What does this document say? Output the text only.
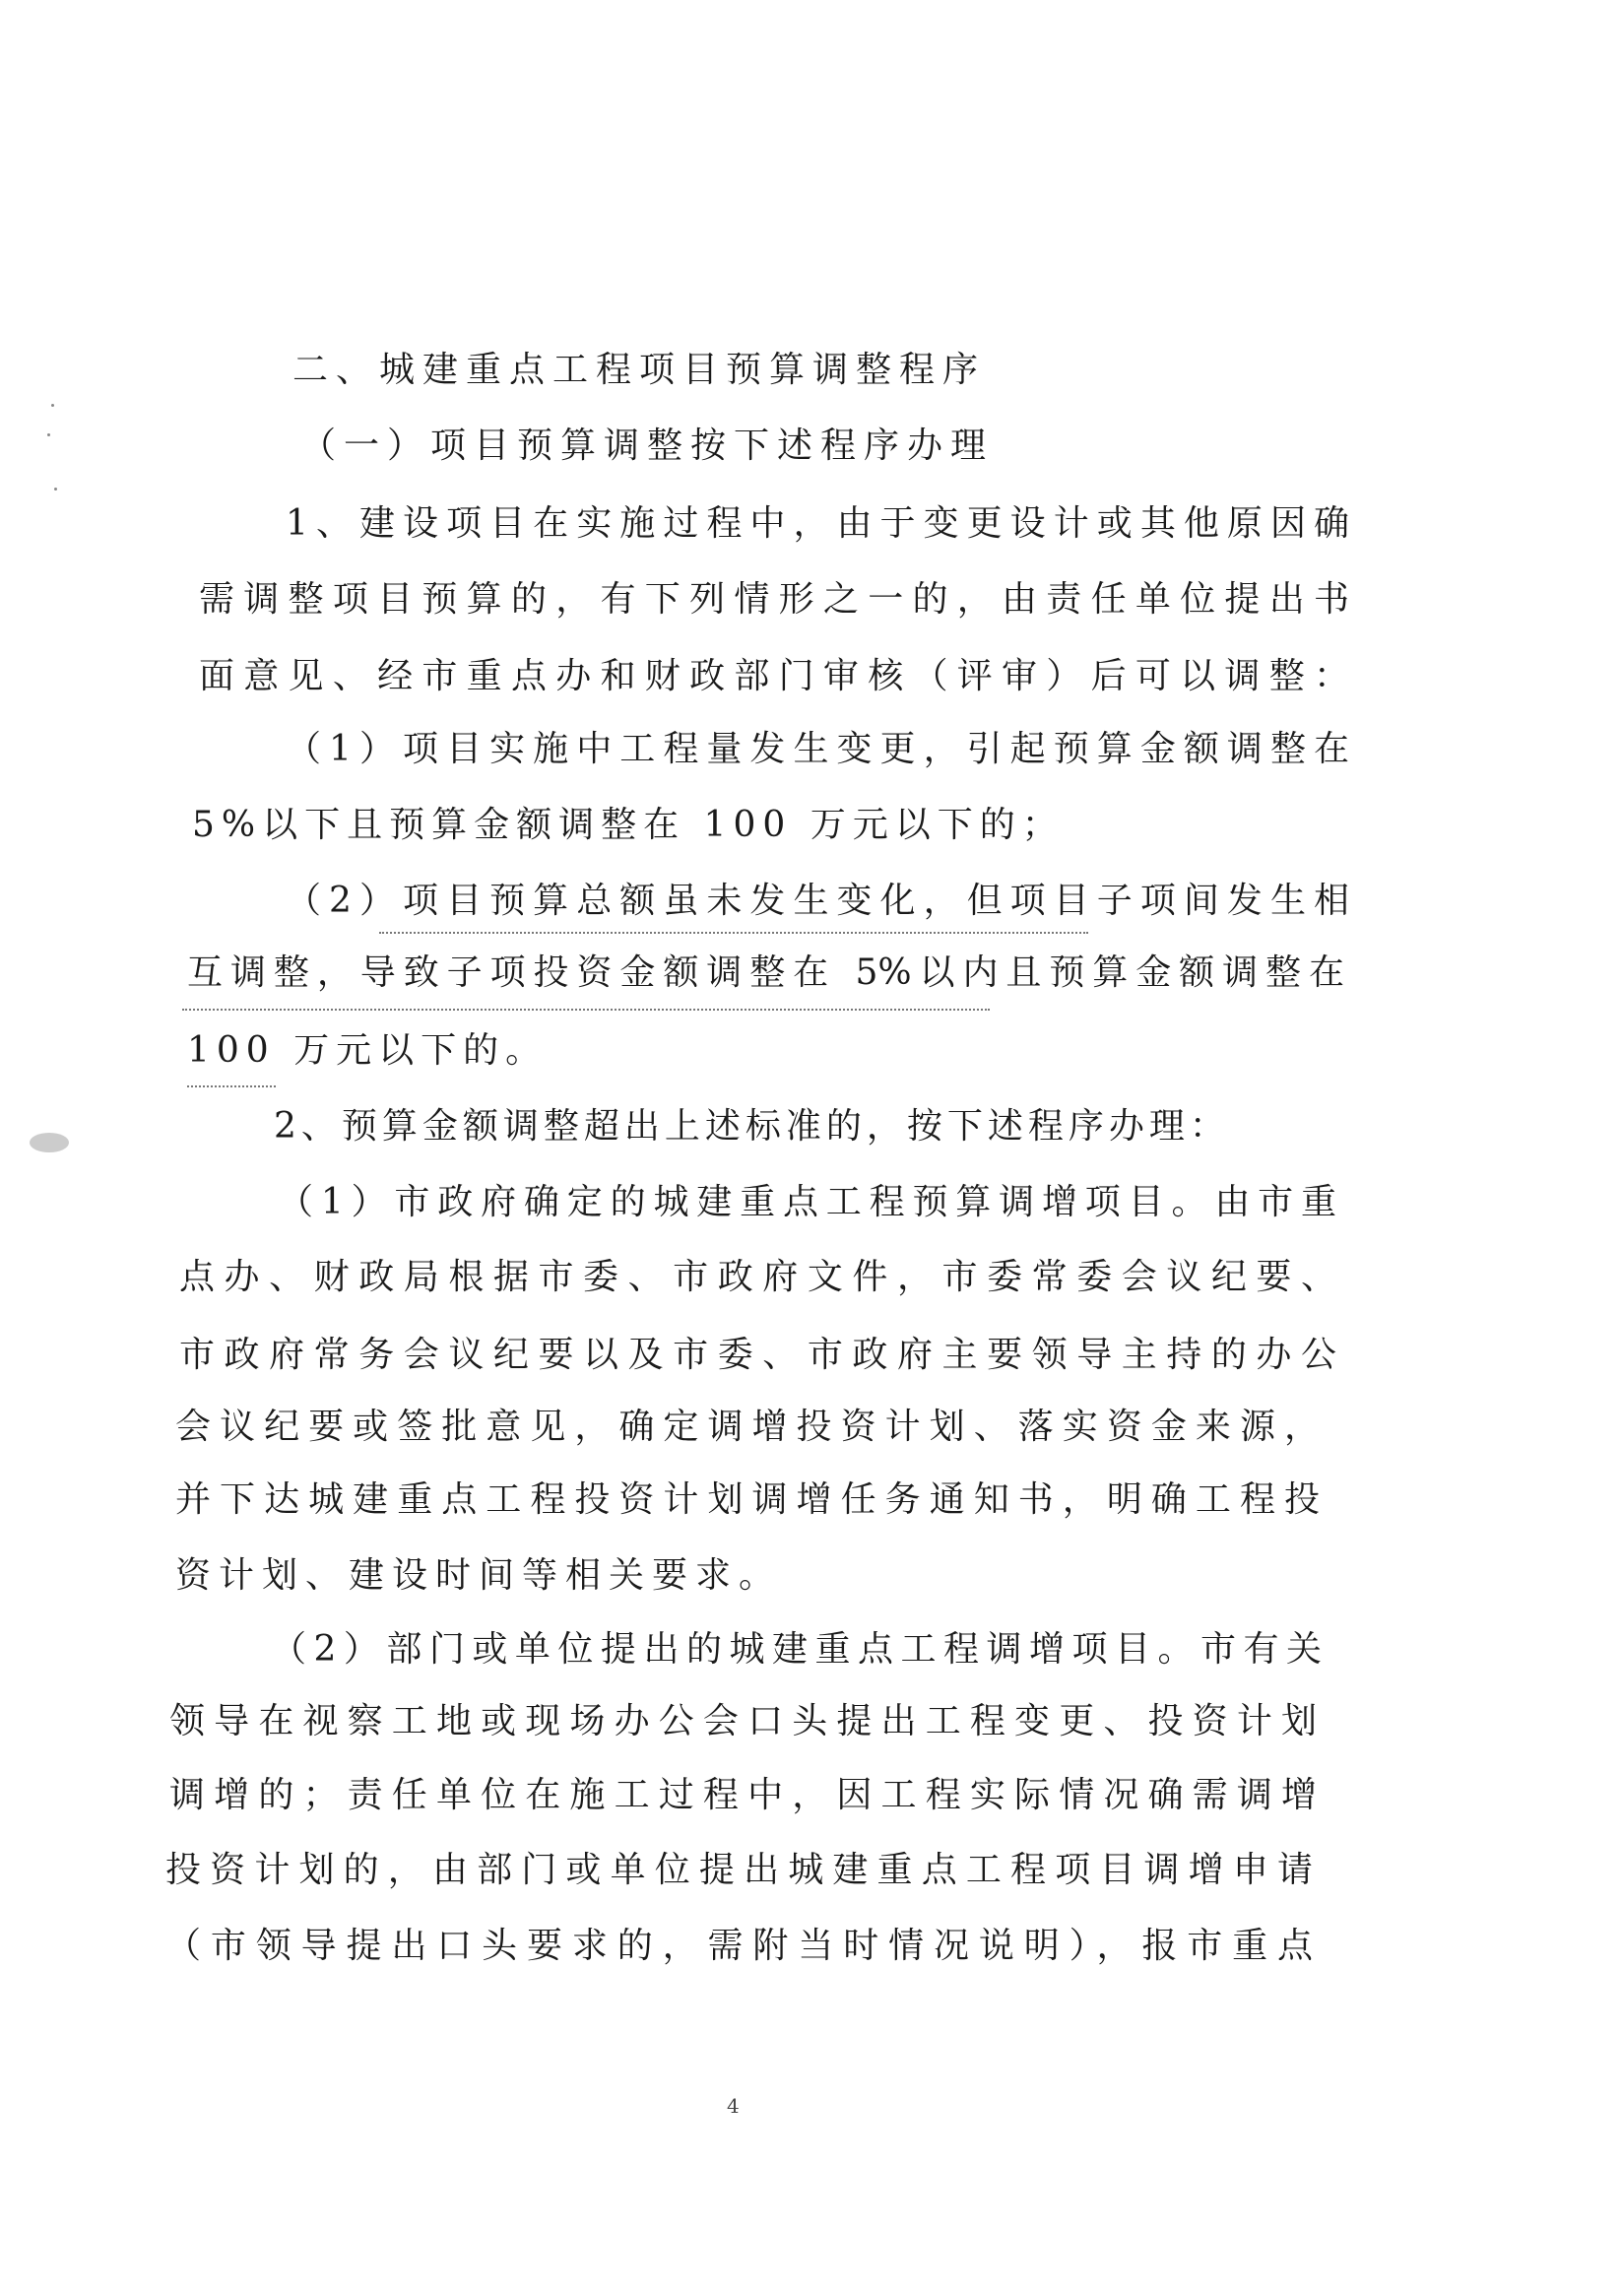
二、城建重点工程项目预算调整程序
（一）项目预算调整按下述程序办理
1、建设项目在实施过程中，由于变更设计或其他原因确
需调整项目预算的，有下列情形之一的，由责任单位提出书
面意见、经市重点办和财政部门审核（评审）后可以调整：
（1）项目实施中工程量发生变更，引起预算金额调整在
5%以下且预算金额调整在 100 万元以下的；
（2）项目预算总额虽未发生变化，但项目子项间发生相
互调整，导致子项投资金额调整在 5%以内且预算金额调整在
100 万元以下的。
2、预算金额调整超出上述标准的，按下述程序办理：
（1）市政府确定的城建重点工程预算调增项目。由市重
点办、财政局根据市委、市政府文件，市委常委会议纪要、
市政府常务会议纪要以及市委、市政府主要领导主持的办公
会议纪要或签批意见，确定调增投资计划、落实资金来源，
并下达城建重点工程投资计划调增任务通知书，明确工程投
资计划、建设时间等相关要求。
（2）部门或单位提出的城建重点工程调增项目。市有关
领导在视察工地或现场办公会口头提出工程变更、投资计划
调增的；责任单位在施工过程中，因工程实际情况确需调增
投资计划的，由部门或单位提出城建重点工程项目调增申请
（市领导提出口头要求的，需附当时情况说明），报市重点
4
